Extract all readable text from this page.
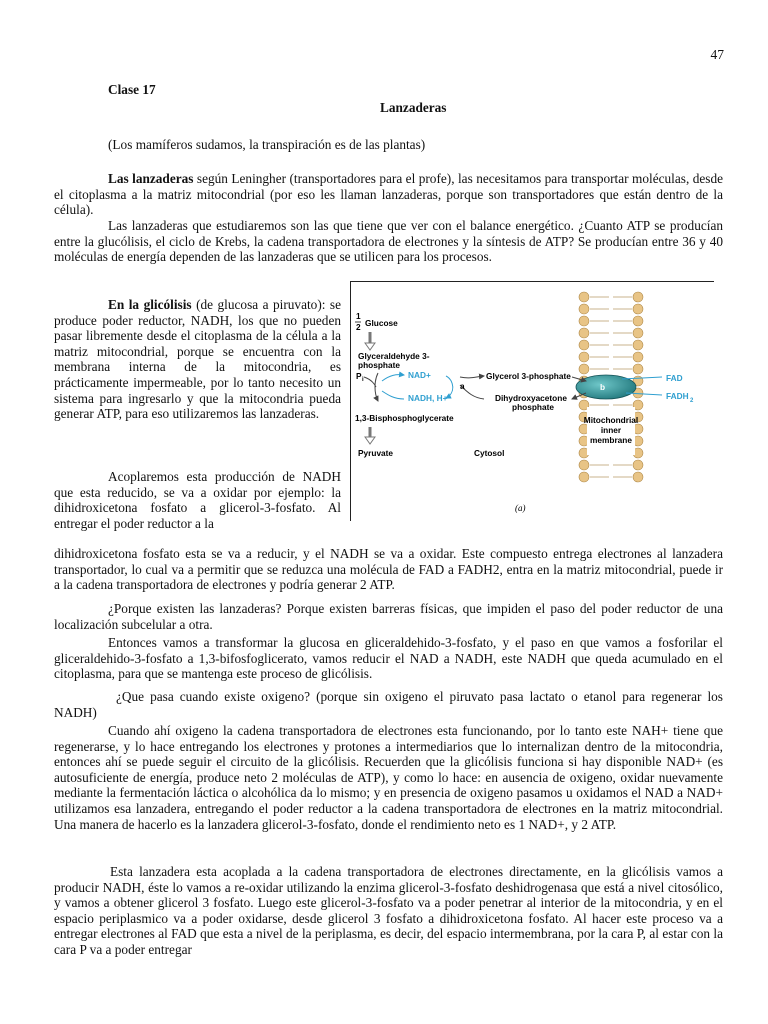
47
Clase 17
Lanzaderas

(Los mamíferos sudamos, la transpiración es de las plantas)

Las lanzaderas según Leningher (transportadores para el profe), las necesitamos para transportar moléculas, desde el citoplasma a la matriz mitocondrial (por eso les llaman lanzaderas, porque son transportadores que están dentro de la célula).

Las lanzaderas que estudiaremos son las que tiene que ver con el balance energético. ¿Cuanto ATP se producían entre la glucólisis, el ciclo de Krebs, la cadena transportadora de electrones y la síntesis de ATP? Se producían entre 36 y 40 moléculas de energía dependen de las lanzaderas que se utilicen para los procesos.

En la glicólisis (de glucosa a piruvato): se produce poder reductor, NADH, los que no pueden pasar libremente desde el citoplasma de la célula a la matriz mitocondrial, porque se encuentra con la membrana interna de la mitocondria, es prácticamente impermeable, por lo tanto necesito un sistema para ingresarlo y que la mitocondria pueda generar ATP, para eso utilizaremos las lanzaderas.

Acoplaremos esta producción de NADH que esta reducido, se va a oxidar por ejemplo: la dihidroxicetona fosfato a glicerol-3-fosfato. Al entregar el poder reductor a la

dihidroxicetona fosfato esta se va a reducir, y el NADH se va a oxidar. Este compuesto entrega electrones al lanzadera transportador, lo cual va a permitir que se reduzca una molécula de FAD a FADH2, entra en la matriz mitocondrial, puede ir a la cadena transportadora de electrones y podría generar 2 ATP.

¿Porque existen las lanzaderas? Porque existen barreras físicas, que impiden el paso del poder reductor de una localización subcelular a otra.

Entonces vamos a transformar la glucosa en gliceraldehido-3-fosfato, y el paso en que vamos a fosforilar el gliceraldehido-3-fosfato a 1,3-bifosfoglicerato, vamos reducir el NAD a NADH, este NADH que queda acumulado en el citoplasma, para que se mantenga este proceso de glicólisis.

¿Que pasa cuando existe oxigeno? (porque sin oxigeno el piruvato pasa lactato o etanol para regenerar los NADH)

Cuando ahí oxigeno la cadena transportadora de electrones esta funcionando, por lo tanto este NAH+ tiene que regenerarse, y lo hace entregando los electrones y protones a intermediarios que lo internalizan dentro de la mitocondria, entonces ahí se puede seguir el circuito de la glicólisis. Recuerden que la glicólisis funciona si hay disponible NAD+ (es autosuficiente de energía, produce neto 2 moléculas de ATP), y como lo hace: en ausencia de oxigeno, oxidar nuevamente mediante la fermentación láctica o alcohólica da lo mismo; y en presencia de oxigeno pasamos u oxidamos el NAD a NAD+ utilizamos esa lanzadera, entregando el poder reductor a la cadena transportadora de electrones en la matriz mitocondrial. Una manera de hacerlo es la lanzadera glicerol-3-fosfato, donde el rendimiento neto es 1 NAD+, y 2 ATP.

Esta lanzadera esta acoplada a la cadena transportadora de electrones directamente, en la glicólisis vamos a producir NADH, éste lo vamos a re-oxidar utilizando la enzima glicerol-3-fosfato deshidrogenasa que está a nivel citosólico, y vamos a obtener glicerol 3 fosfato. Luego este glicerol-3-fosfato va a poder penetrar al interior de la mitocondria, y en el espacio periplasmico va a poder oxidarse, desde glicerol 3 fosfato a dihidroxicetona fosfato. Al hacer este proceso va a entregar electrones al FAD que esta a nivel de la periplasma, es decir, del espacio intermembrana, por la cara P, al estar con la cara P va a poder entregar

Mitochondrial
inner
membrane
b
1
2 Glucose
Glyceraldehyde 3-
phosphate
P i	NAD+
NADH, H+
a
Glycerol 3-phosphate
Dihydroxyacetone
phosphate
FAD
FADH 2
1,3-Bisphosphoglycerate
Pyruvate	Cytosol
(a)
